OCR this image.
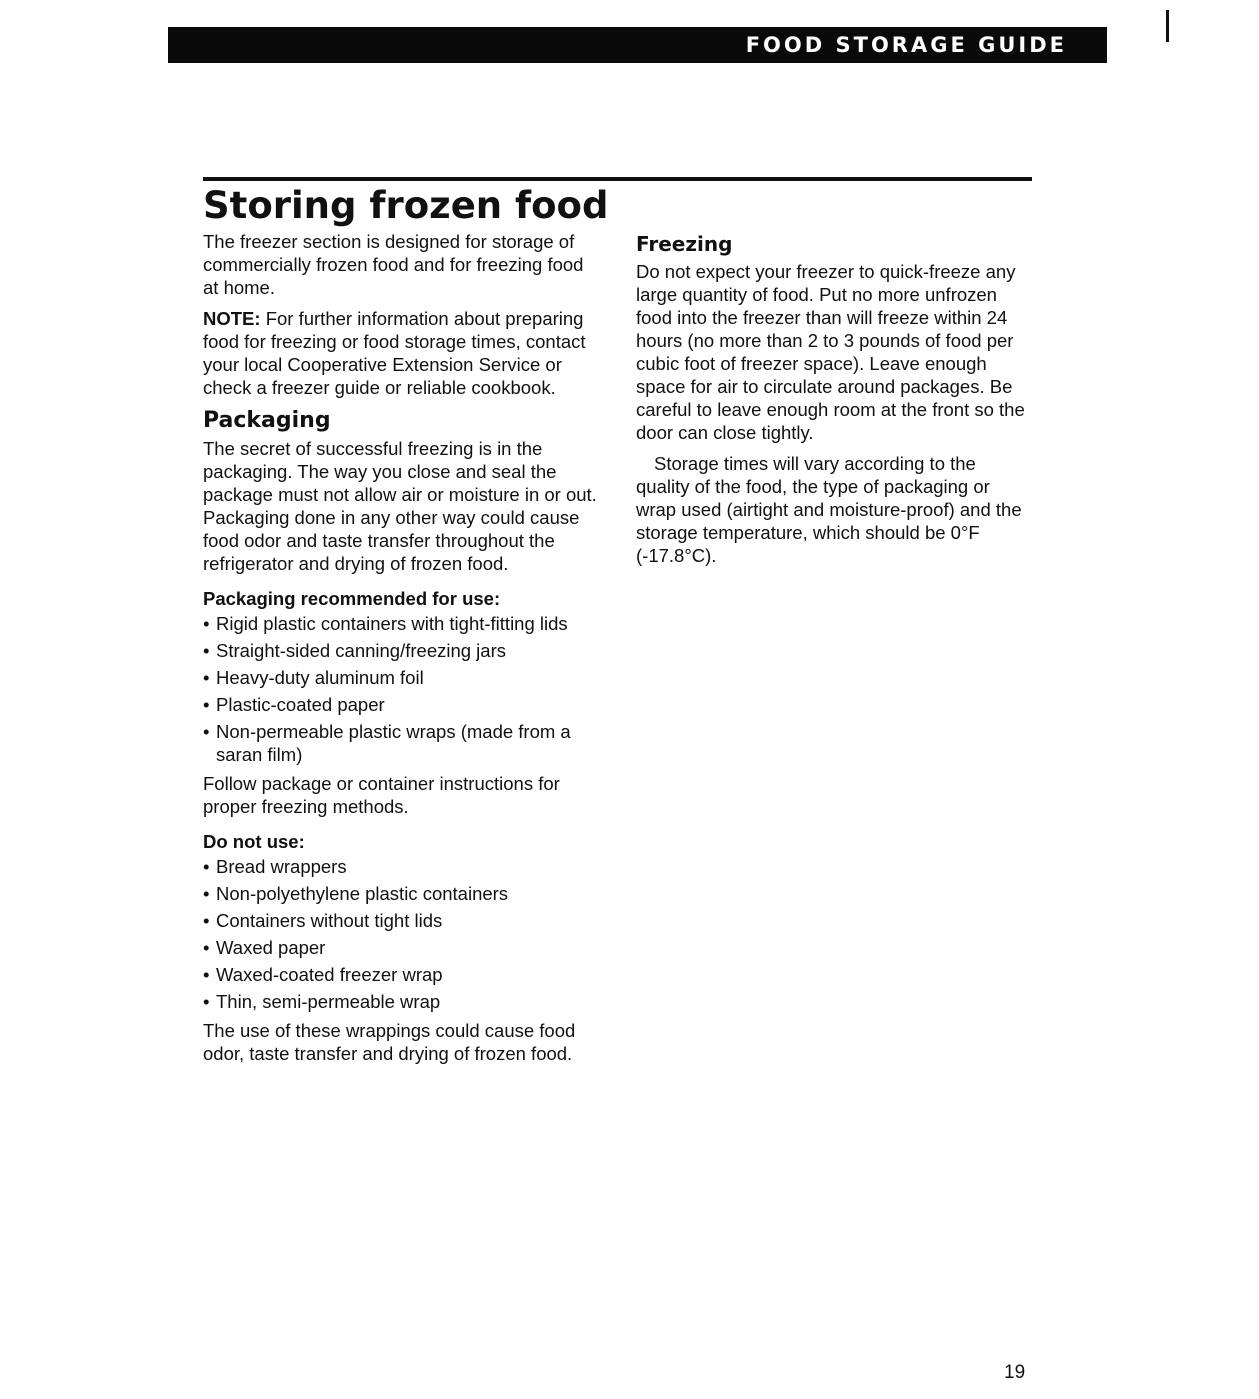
FOOD STORAGE GUIDE
Storing frozen food

The freezer section is designed for storage of commercially frozen food and for freezing food at home.

NOTE: For further information about preparing food for freezing or food storage times, contact your local Cooperative Extension Service or check a freezer guide or reliable cookbook.

Packaging

The secret of successful freezing is in the packaging. The way you close and seal the package must not allow air or moisture in or out. Packaging done in any other way could cause food odor and taste transfer throughout the refrigerator and drying of frozen food.

Packaging recommended for use:
• Rigid plastic containers with tight-fitting lids
• Straight-sided canning/freezing jars
• Heavy-duty aluminum foil
• Plastic-coated paper
• Non-permeable plastic wraps (made from a saran film)

Follow package or container instructions for proper freezing methods.

Do not use:
• Bread wrappers
• Non-polyethylene plastic containers
• Containers without tight lids
• Waxed paper
• Waxed-coated freezer wrap
• Thin, semi-permeable wrap

The use of these wrappings could cause food odor, taste transfer and drying of frozen food.

Freezing

Do not expect your freezer to quick-freeze any large quantity of food. Put no more unfrozen food into the freezer than will freeze within 24 hours (no more than 2 to 3 pounds of food per cubic foot of freezer space). Leave enough space for air to circulate around packages. Be careful to leave enough room at the front so the door can close tightly.

Storage times will vary according to the quality of the food, the type of packaging or wrap used (airtight and moisture-proof) and the storage temperature, which should be 0°F (-17.8°C).

19
